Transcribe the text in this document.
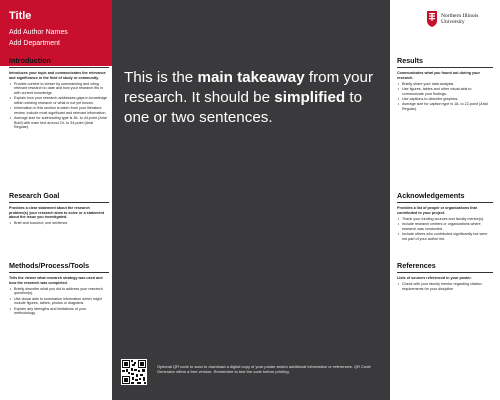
Title
Add Author Names
Add Department
Introduction
Introduces your topic and communicates the relevance and significance in the field of study or community.
• Provide context to viewer by summarizing and citing relevant research to date and how your research fits in with current knowledge.
• Explain how your research addresses gaps in knowledge within existing research or what is not yet known.
• Information in this section is taken from your literature review. Include most significant and relevant information.
• Average size for subheading type is 36- to 44-point (Arial Bold) with main text around 24- to 34-point (Arial Regular).
Research Goal
Provides a clear statement about the research problem(s) your research aims to solve or a statement about the issue you investigated.
• Brief and succinct; one sentence.
Methods/Process/Tools
Tells the viewer what research strategy was used and how the research was completed.
• Briefly describe what you did to address your research question(s).
• Use visual aids to summarize information which might include figures, tables, photos or diagrams.
• Explain any strengths and limitations of your methodology.
This is the main takeaway from your research. It should be simplified to one or two sentences.
Optional QR code to scan to download a digital copy of your poster and/or additional information or references. QR Code Generator offers a free version. Remember to test the code before printing.
Northern Illinois
University
Results
Communicates what you found out during your research.
• Briefly share your data analysis.
• Use figures, tables and other visual aids to communicate your findings.
• Use captions to describe graphics.
• Average size for caption type is 18- to 22-point (Arial Regular).
Acknowledgements
Provides a list of people or organizations that contributed to your project.
• Thank your funding sources and faculty mentor(s).
• Include research centers or organizations where research was conducted.
• Include others who contributed significantly but were not part of your author list.
References
Lists of sources referenced in your poster.
• Check with your faculty mentor regarding citation requirements for your discipline
